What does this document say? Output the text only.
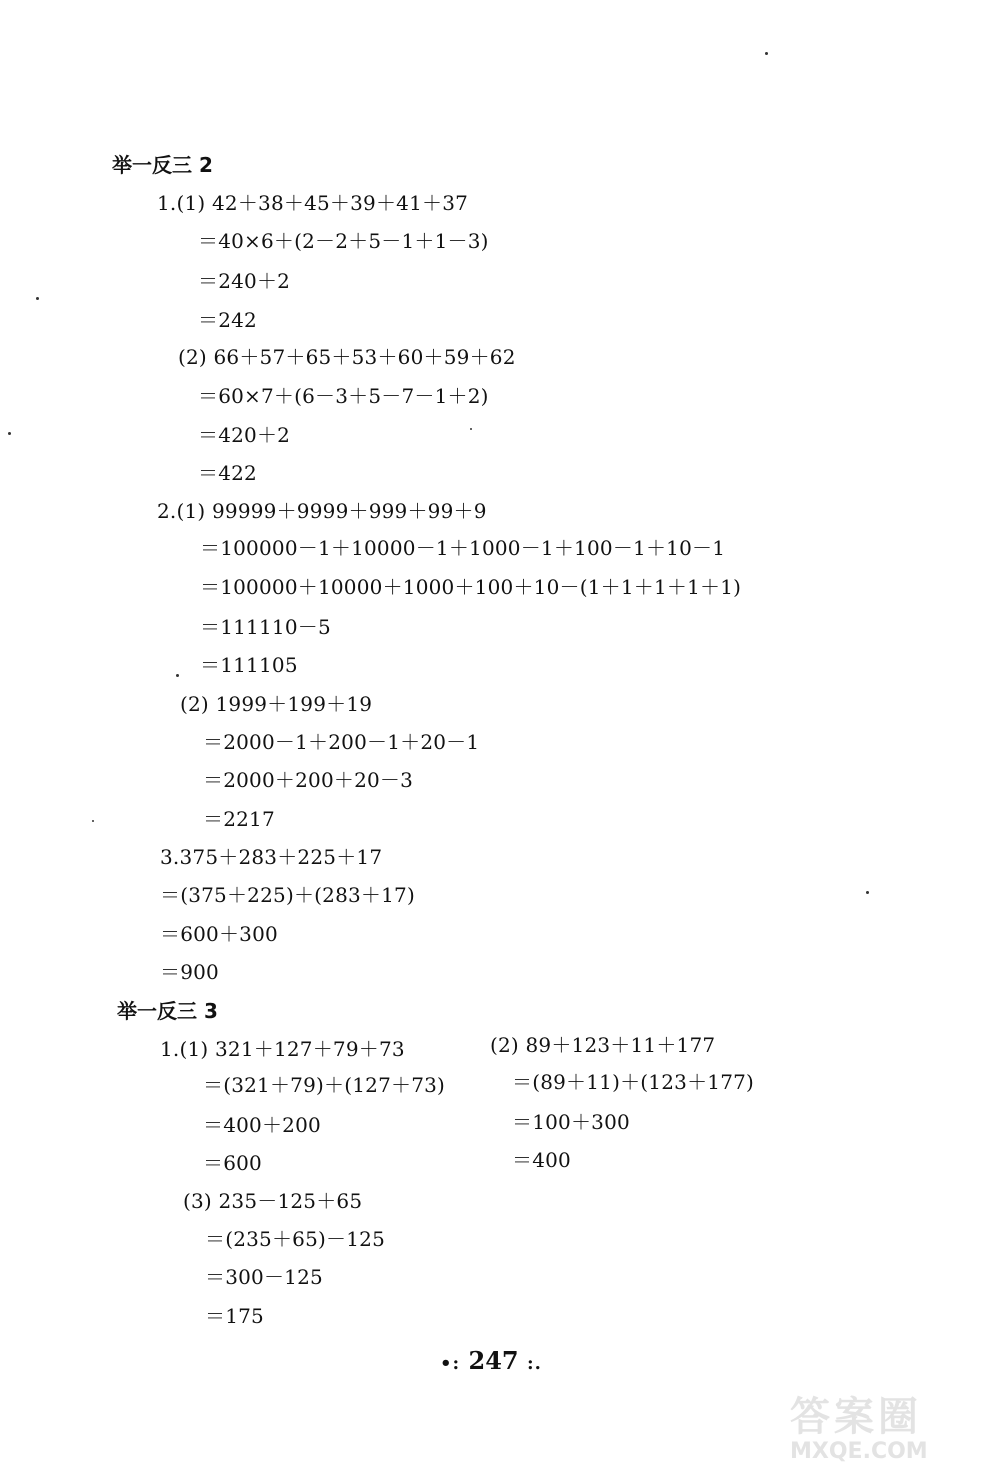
举一反三 2
1.(1) 42＋38＋45＋39＋41＋37
＝40×6＋(2－2＋5－1＋1－3)
＝240＋2
＝242
(2) 66＋57＋65＋53＋60＋59＋62
＝60×7＋(6－3＋5－7－1＋2)
＝420＋2
＝422
2.(1) 99999＋9999＋999＋99＋9
＝100000－1＋10000－1＋1000－1＋100－1＋10－1
＝100000＋10000＋1000＋100＋10－(1＋1＋1＋1＋1)
＝111110－5
＝111105
(2) 1999＋199＋19
＝2000－1＋200－1＋20－1
＝2000＋200＋20－3
＝2217
3.375＋283＋225＋17
＝(375＋225)＋(283＋17)
＝600＋300
＝900
举一反三 3
1.(1) 321＋127＋79＋73
＝(321＋79)＋(127＋73)
＝400＋200
＝600
(2) 89＋123＋11＋177
＝(89＋11)＋(123＋177)
＝100＋300
＝400
(3) 235－125＋65
＝(235＋65)－125
＝300－125
＝175
•: 247 :.
答案圈
MXQE.COM
